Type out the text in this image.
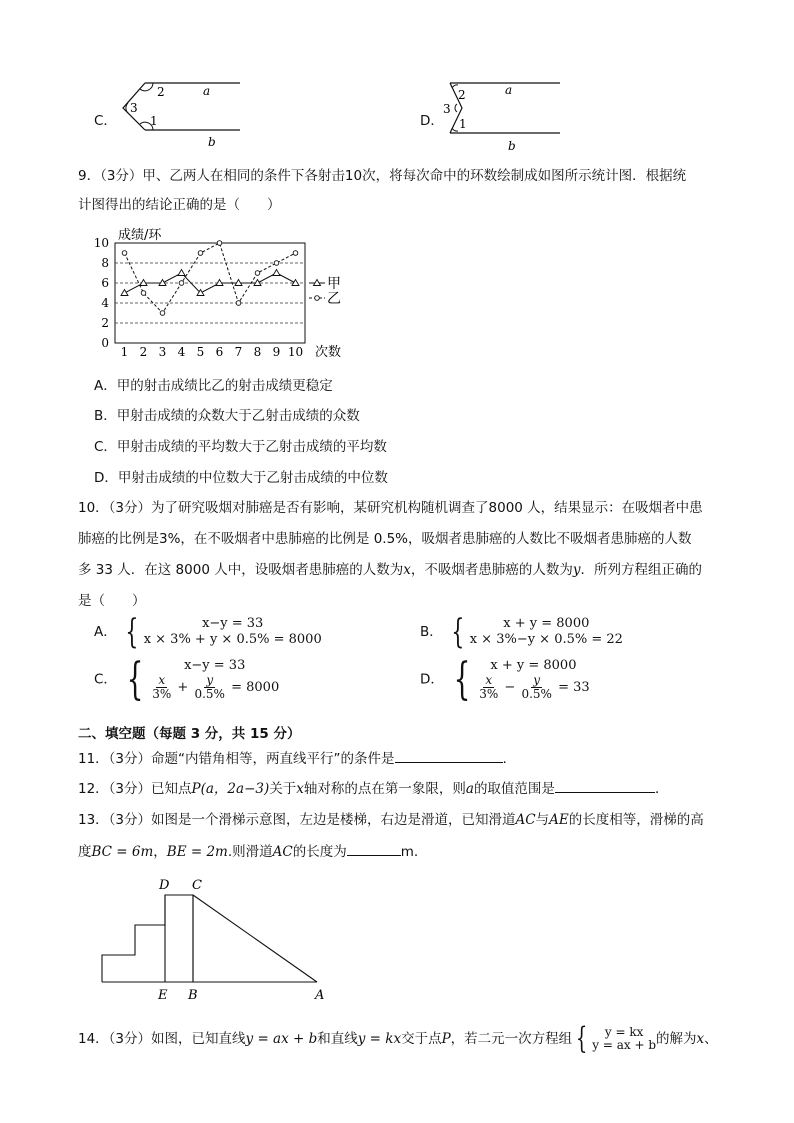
C．
2
3
1
a
b
D．
2
3
1
a
b
9．（3分）甲、乙两人在相同的条件下各射击10次，将每次命中的环数绘制成如图所示统计图．根据统
计图得出的结论正确的是（　　）
0
2
4
6
8
10
1 2 3 4 5 6 7 8 9 10
成绩/环
次数
甲
乙
A．甲的射击成绩比乙的射击成绩更稳定
B．甲射击成绩的众数大于乙射击成绩的众数
C．甲射击成绩的平均数大于乙射击成绩的平均数
D．甲射击成绩的中位数大于乙射击成绩的中位数
10．（3分）为了研究吸烟对肺癌是否有影响，某研究机构随机调查了8000 人，结果显示：在吸烟者中患
肺癌的比例是3%，在不吸烟者中患肺癌的比例是 0.5%，吸烟者患肺癌的人数比不吸烟者患肺癌的人数
多 33 人．在这 8000 人中，设吸烟者患肺癌的人数为x，不吸烟者患肺癌的人数为y．所列方程组正确的
是（　　）
A． {	x−y = 33
x × 3% + y × 0.5% = 8000	B． {	x + y = 8000
x × 3%−y × 0.5% = 22
C． {	x−y = 33
$\frac{x}{3\%} + \frac{y}{0.5\%} = 8000$	D． {	x + y = 8000
$\frac{x}{3\%} - \frac{y}{0.5\%} = 33$
二、填空题（每题 3 分，共 15 分）
11．（3分）命题“内错角相等，两直线平行”的条件是	.
12．（3分）已知点P(a，2a−3)关于x轴对称的点在第一象限，则a的取值范围是	．
13．（3分）如图是一个滑梯示意图，左边是楼梯，右边是滑道，已知滑道AC与AE的长度相等，滑梯的高
度BC = 6m，BE = 2m.则滑道AC的长度为	m.
D C
E B	A
14．（3分）如图，已知直线y = ax + b和直线y = kx交于点P，若二元一次方程组 {	y = kx
y = ax + b 的解为x、
